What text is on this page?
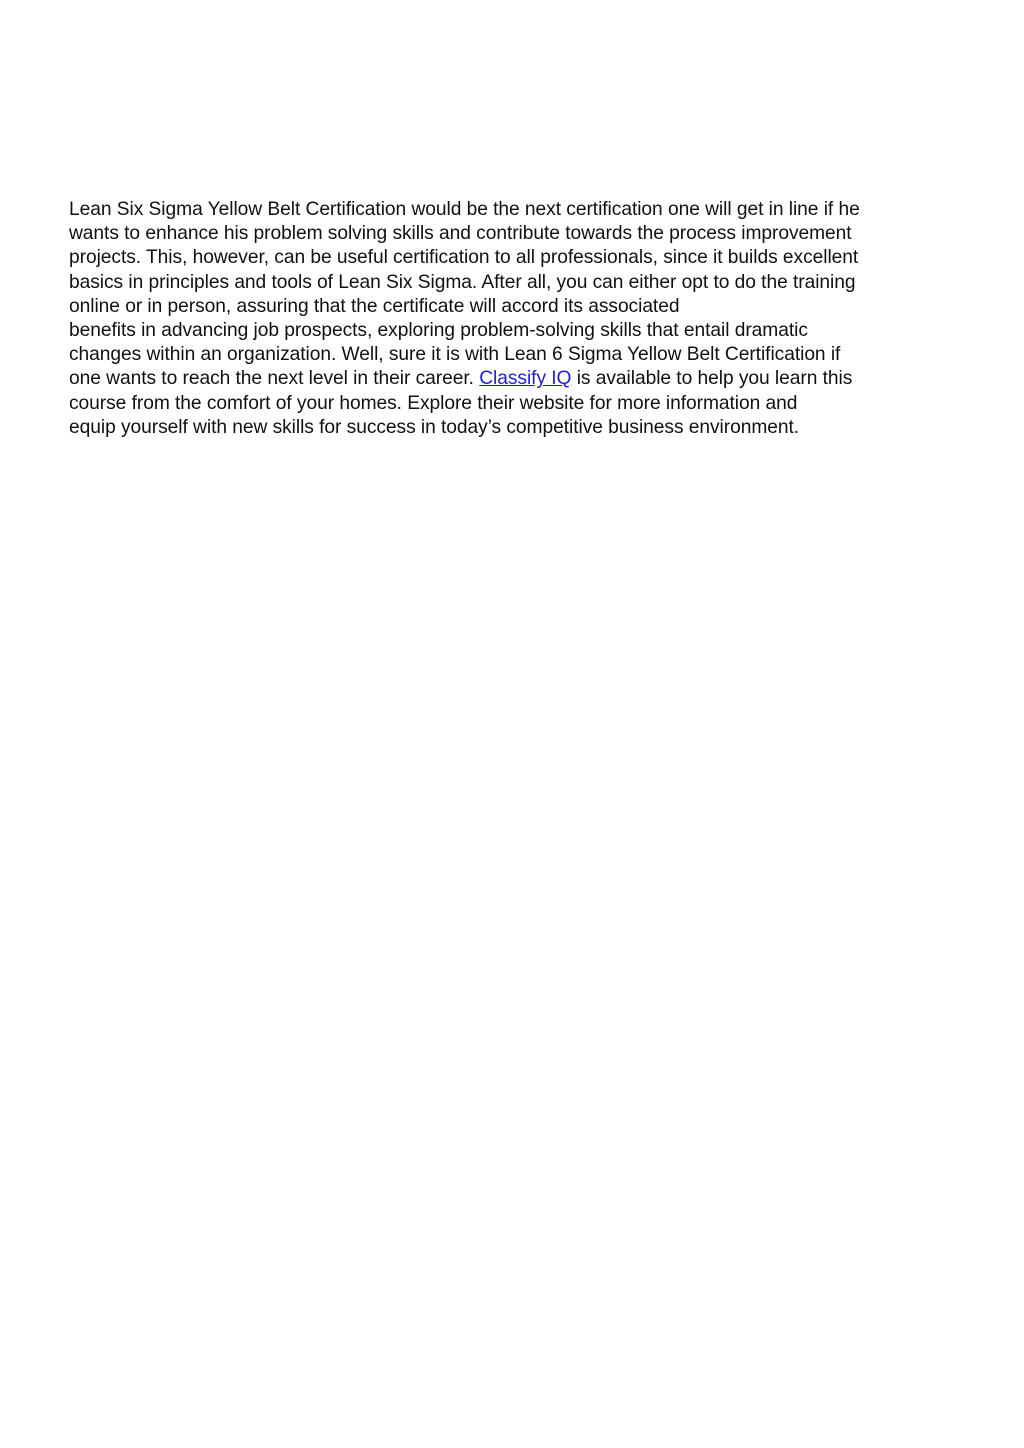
Lean Six Sigma Yellow Belt Certification would be the next certification one will get in line if he
wants to enhance his problem solving skills and contribute towards the process improvement
projects. This, however, can be useful certification to all professionals, since it builds excellent
basics in principles and tools of Lean Six Sigma. After all, you can either opt to do the training
online or in person, assuring that the certificate will accord its associated
benefits in advancing job prospects, exploring problem-solving skills that entail dramatic
changes within an organization. Well, sure it is with Lean 6 Sigma Yellow Belt Certification if
one wants to reach the next level in their career. Classify IQ is available to help you learn this
course from the comfort of your homes. Explore their website for more information and
equip yourself with new skills for success in today’s competitive business environment.
